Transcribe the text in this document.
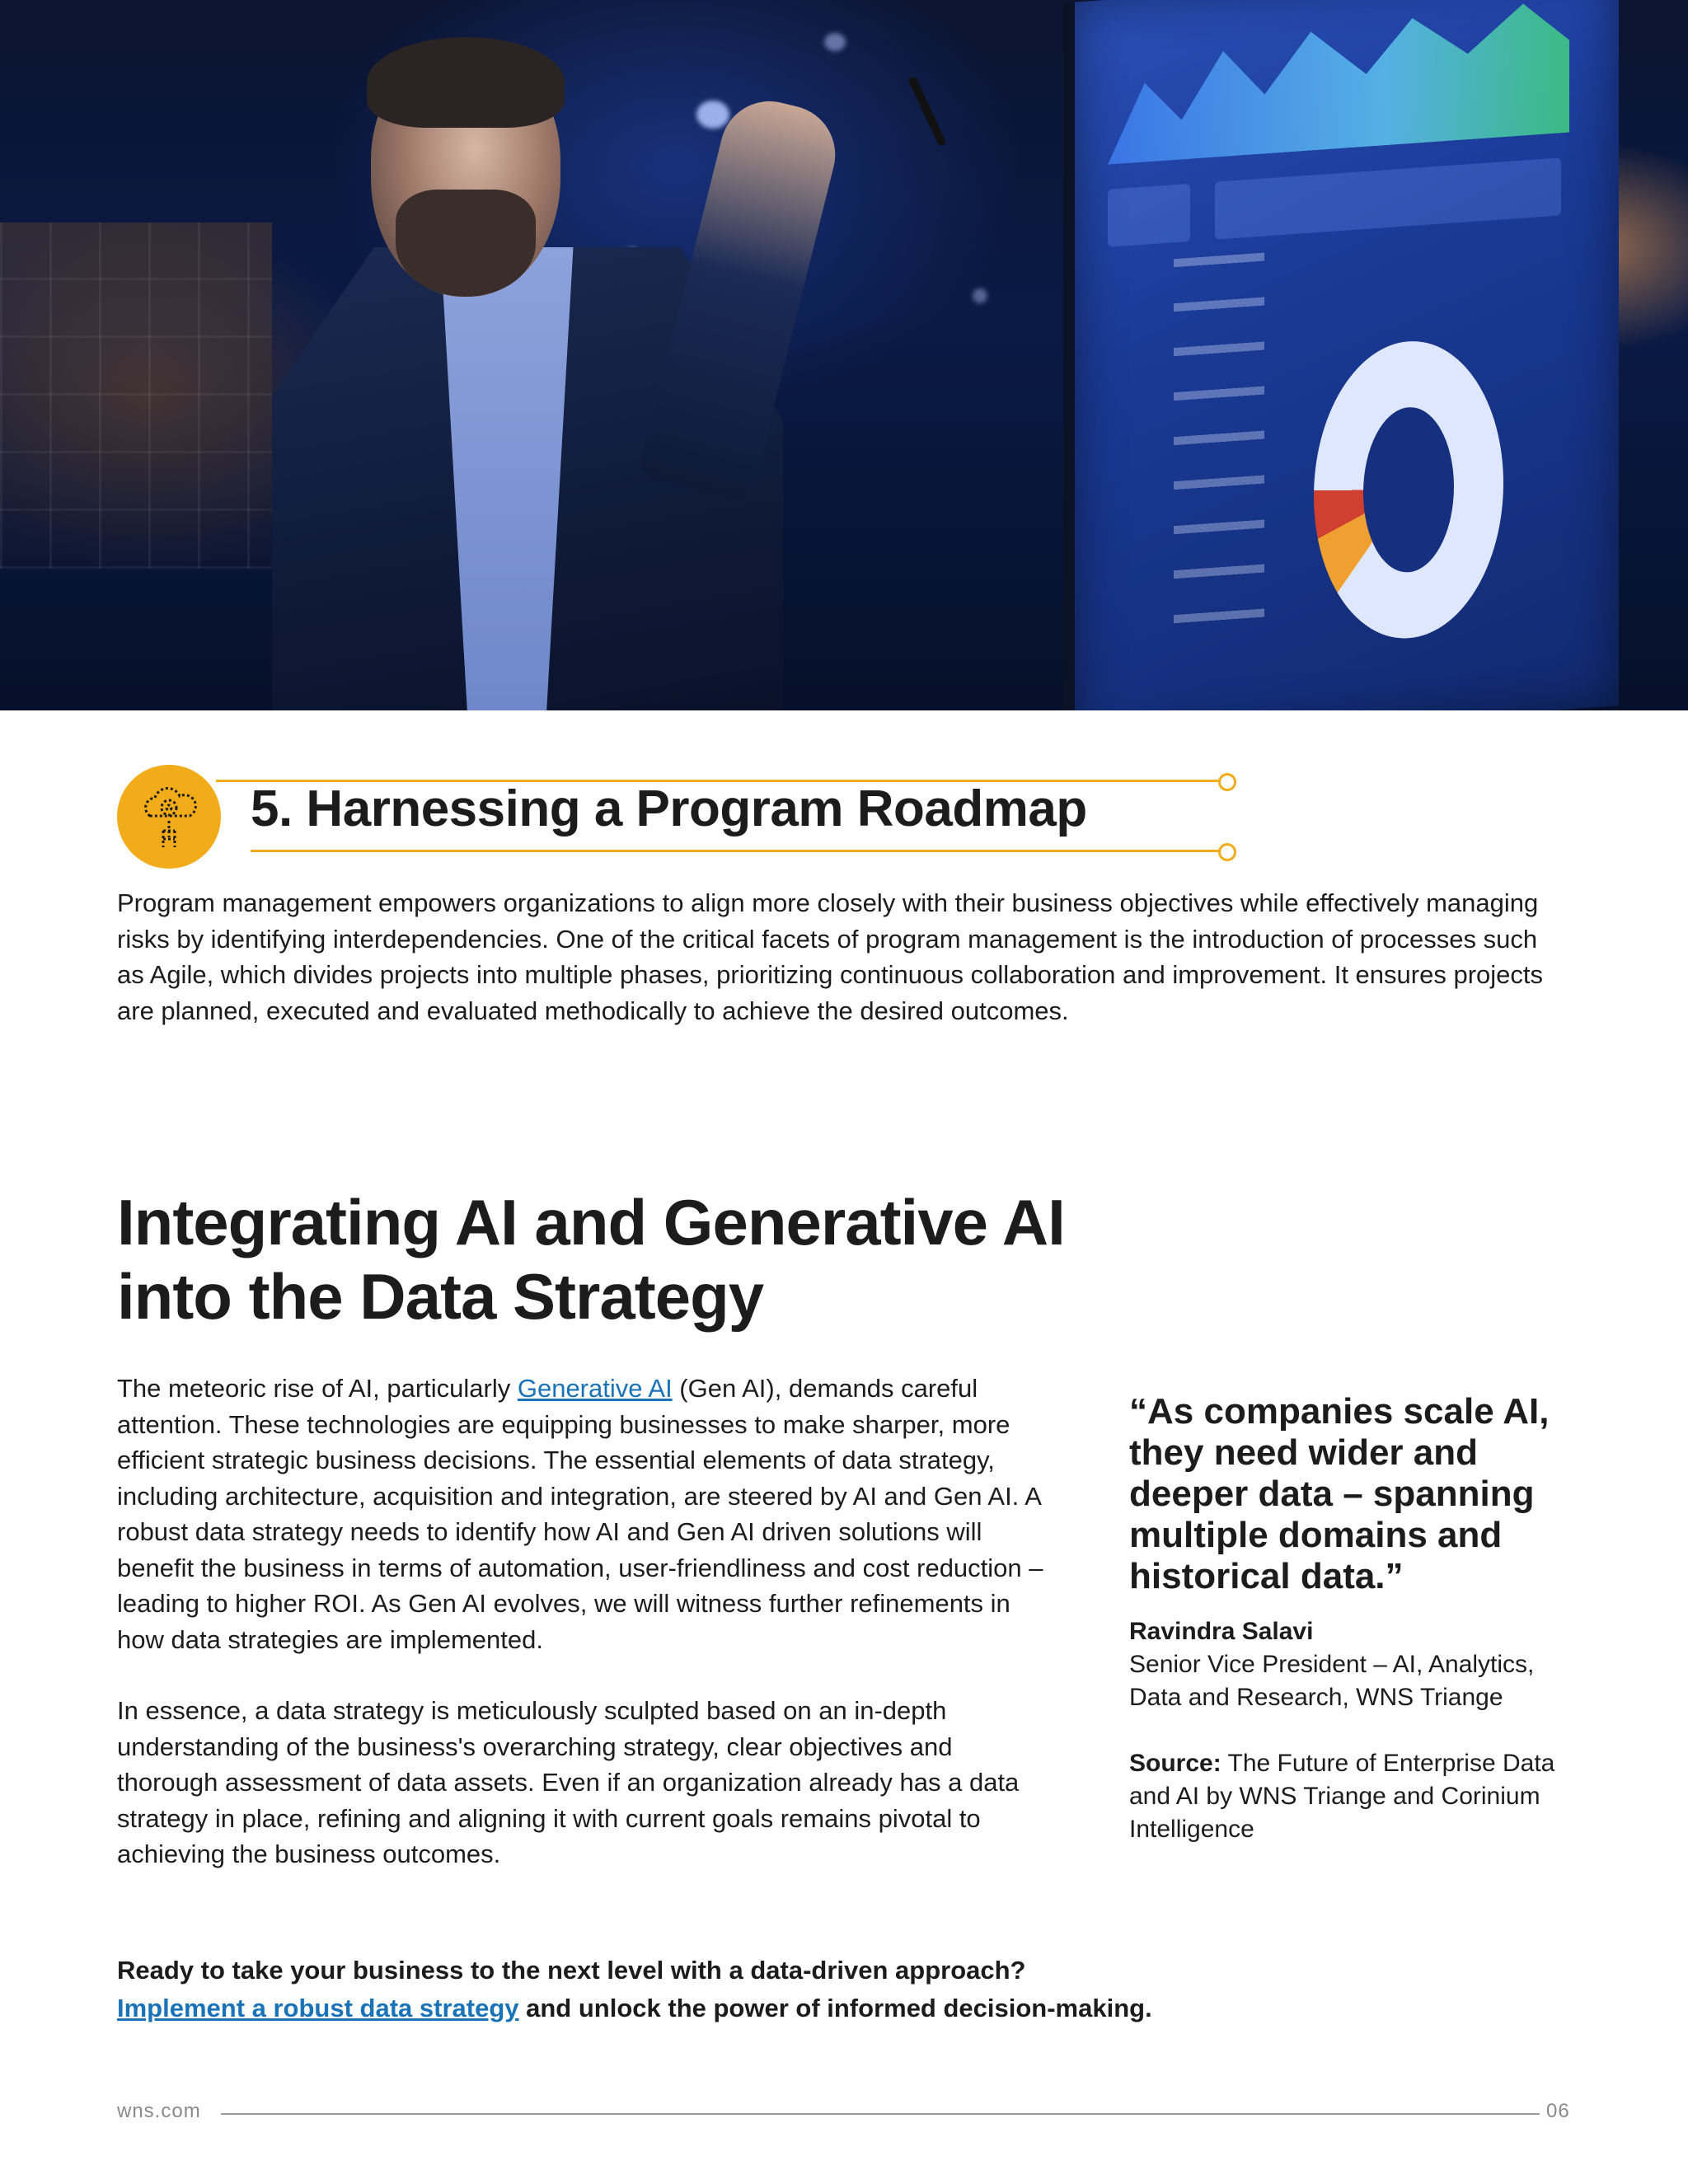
5. Harnessing a Program Roadmap

Program management empowers organizations to align more closely with their business objectives while effectively managing risks by identifying interdependencies. One of the critical facets of program management is the introduction of processes such as Agile, which divides projects into multiple phases, prioritizing continuous collaboration and improvement. It ensures projects are planned, executed and evaluated methodically to achieve the desired outcomes.

Integrating AI and Generative AI
into the Data Strategy

The meteoric rise of AI, particularly Generative AI (Gen AI), demands careful attention. These technologies are equipping businesses to make sharper, more efficient strategic business decisions. The essential elements of data strategy, including architecture, acquisition and integration, are steered by AI and Gen AI. A robust data strategy needs to identify how AI and Gen AI driven solutions will benefit the business in terms of automation, user-friendliness and cost reduction – leading to higher ROI. As Gen AI evolves, we will witness further refinements in how data strategies are implemented.

In essence, a data strategy is meticulously sculpted based on an in-depth understanding of the business's overarching strategy, clear objectives and thorough assessment of data assets. Even if an organization already has a data strategy in place, refining and aligning it with current goals remains pivotal to achieving the business outcomes.

“As companies scale AI, they need wider and deeper data – spanning multiple domains and historical data.”

Ravindra Salavi

Senior Vice President – AI, Analytics, Data and Research, WNS Triange

Source: The Future of Enterprise Data and AI by WNS Triange and Corinium Intelligence

Ready to take your business to the next level with a data-driven approach?

Implement a robust data strategy and unlock the power of informed decision-making.

wns.com	06
